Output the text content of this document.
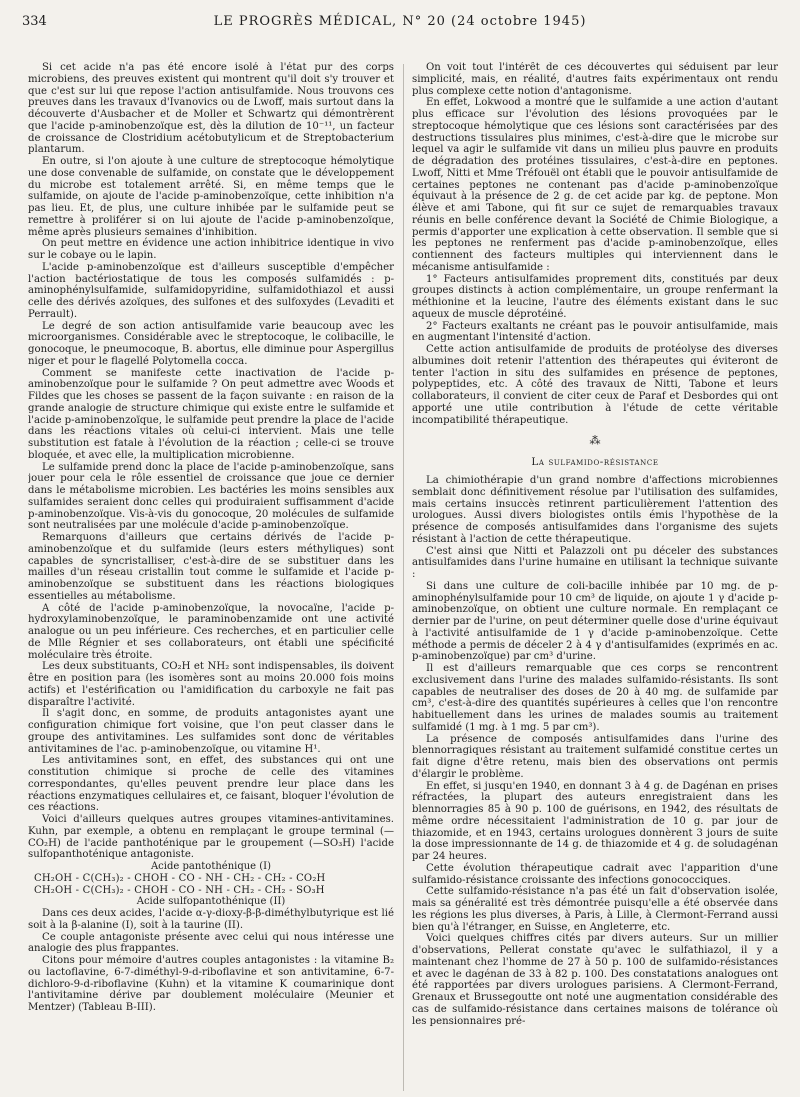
334	LE PROGRÈS MÉDICAL, N° 20 (24 octobre 1945)

Si cet acide n'a pas été encore isolé à l'état pur des corps microbiens, des preuves existent qui montrent qu'il doit s'y trouver et que c'est sur lui que repose l'action antisulfamide. Nous trouvons ces preuves dans les travaux d'Ivanovics ou de Lwoff, mais surtout dans la découverte d'Ausbacher et de Moller et Schwartz qui démontrèrent que l'acide p-aminobenzoïque est, dès la dilution de 10⁻¹¹, un facteur de croissance de Clostridium acétobutylicum et de Streptobacterium plantarum.

En outre, si l'on ajoute à une culture de streptocoque hémolytique une dose convenable de sulfamide, on constate que le développement du microbe est totalement arrêté. Si, en même temps que le sulfamide, on ajoute de l'acide p-aminobenzoïque, cette inhibition n'a pas lieu. Et, de plus, une culture inhibée par le sulfamide peut se remettre à proliférer si on lui ajoute de l'acide p-aminobenzoïque, même après plusieurs semaines d'inhibition.

On peut mettre en évidence une action inhibitrice identique in vivo sur le cobaye ou le lapin.

L'acide p-aminobenzoïque est d'ailleurs susceptible d'empêcher l'action bactériostatique de tous les composés sulfamidés : p-aminophénylsulfamide, sulfamidopyridine, sulfamidothiazol et aussi celle des dérivés azoïques, des sulfones et des sulfoxydes (Levaditi et Perrault).

Le degré de son action antisulfamide varie beaucoup avec les microorganismes. Considérable avec le streptocoque, le colibacille, le gonocoque, le pneumocoque, B. abortus, elle diminue pour Aspergillus niger et pour le flagellé Polytomella cocca.

Comment se manifeste cette inactivation de l'acide p-aminobenzoïque pour le sulfamide ? On peut admettre avec Woods et Fildes que les choses se passent de la façon suivante : en raison de la grande analogie de structure chimique qui existe entre le sulfamide et l'acide p-aminobenzoïque, le sulfamide peut prendre la place de l'acide dans les réactions vitales où celui-ci intervient. Mais une telle substitution est fatale à l'évolution de la réaction ; celle-ci se trouve bloquée, et avec elle, la multiplication microbienne.

Le sulfamide prend donc la place de l'acide p-aminobenzoïque, sans jouer pour cela le rôle essentiel de croissance que joue ce dernier dans le métabolisme microbien. Les bactéries les moins sensibles aux sulfamides seraient donc celles qui produiraient suffisamment d'acide p-aminobenzoïque. Vis-à-vis du gonocoque, 20 molécules de sulfamide sont neutralisées par une molécule d'acide p-aminobenzoïque.

Remarquons d'ailleurs que certains dérivés de l'acide p-aminobenzoïque et du sulfamide (leurs esters méthyliques) sont capables de syncristalliser, c'est-à-dire de se substituer dans les mailles d'un réseau cristallin tout comme le sulfamide et l'acide p-aminobenzoïque se substituent dans les réactions biologiques essentielles au métabolisme.

A côté de l'acide p-aminobenzoïque, la novocaïne, l'acide p-hydroxylaminobenzoïque, le paraminobenzamide ont une activité analogue ou un peu inférieure. Ces recherches, et en particulier celle de Mlle Régnier et ses collaborateurs, ont établi une spécificité moléculaire très étroite.

Les deux substituants, CO₂H et NH₂ sont indispensables, ils doivent être en position para (les isomères sont au moins 20.000 fois moins actifs) et l'estérification ou l'amidification du carboxyle ne fait pas disparaître l'activité.

Il s'agit donc, en somme, de produits antagonistes ayant une configuration chimique fort voisine, que l'on peut classer dans le groupe des antivitamines. Les sulfamides sont donc de véritables antivitamines de l'ac. p-aminobenzoïque, ou vitamine H¹.

Les antivitamines sont, en effet, des substances qui ont une constitution chimique si proche de celle des vitamines correspondantes, qu'elles peuvent prendre leur place dans les réactions enzymatiques cellulaires et, ce faisant, bloquer l'évolution de ces réactions.

Voici d'ailleurs quelques autres groupes vitamines-antivitamines. Kuhn, par exemple, a obtenu en remplaçant le groupe terminal (—CO₂H) de l'acide panthoténique par le groupement (—SO₃H) l'acide sulfopanthoténique antagoniste.

Acide pantothénique (I)
CH₂OH - C(CH₃)₂ - CHOH - CO - NH - CH₂ - CH₂ - CO₂H
CH₂OH - C(CH₃)₂ - CHOH - CO - NH - CH₂ - CH₂ - SO₃H
Acide sulfopantothénique (II)

Dans ces deux acides, l'acide α-γ-dioxy-β-β-diméthylbutyrique est lié soit à la β-alanine (I), soit à la taurine (II).

Ce couple antagoniste présente avec celui qui nous intéresse une analogie des plus frappantes.

Citons pour mémoire d'autres couples antagonistes : la vitamine B₂ ou lactoflavine, 6-7-diméthyl-9-d-riboflavine et son antivitamine, 6-7-dichloro-9-d-riboflavine (Kuhn) et la vitamine K coumarinique dont l'antivitamine dérive par doublement moléculaire (Meunier et Mentzer) (Tableau B-III).

On voit tout l'intérêt de ces découvertes qui séduisent par leur simplicité, mais, en réalité, d'autres faits expérimentaux ont rendu plus complexe cette notion d'antagonisme.

En effet, Lokwood a montré que le sulfamide a une action d'autant plus efficace sur l'évolution des lésions provoquées par le streptocoque hémolytique que ces lésions sont caractérisées par des destructions tissulaires plus minimes, c'est-à-dire que le microbe sur lequel va agir le sulfamide vit dans un milieu plus pauvre en produits de dégradation des protéines tissulaires, c'est-à-dire en peptones. Lwoff, Nitti et Mme Tréfouël ont établi que le pouvoir antisulfamide de certaines peptones ne contenant pas d'acide p-aminobenzoïque équivaut à la présence de 2 g. de cet acide par kg. de peptone. Mon élève et ami Tabone, qui fit sur ce sujet de remarquables travaux réunis en belle conférence devant la Société de Chimie Biologique, a permis d'apporter une explication à cette observation. Il semble que si les peptones ne renferment pas d'acide p-aminobenzoïque, elles contiennent des facteurs multiples qui interviennent dans le mécanisme antisulfamide :

1° Facteurs antisulfamides proprement dits, constitués par deux groupes distincts à action complémentaire, un groupe renfermant la méthionine et la leucine, l'autre des éléments existant dans le suc aqueux de muscle déprotéiné.

2° Facteurs exaltants ne créant pas le pouvoir antisulfamide, mais en augmentant l'intensité d'action.

Cette action antisulfamide de produits de protéolyse des diverses albumines doit retenir l'attention des thérapeutes qui éviteront de tenter l'action in situ des sulfamides en présence de peptones, polypeptides, etc. A côté des travaux de Nitti, Tabone et leurs collaborateurs, il convient de citer ceux de Paraf et Desbordes qui ont apporté une utile contribution à l'étude de cette véritable incompatibilité thérapeutique.

⁂
La sulfamido-résistance

La chimiothérapie d'un grand nombre d'affections microbiennes semblait donc définitivement résolue par l'utilisation des sulfamides, mais certains insuccès retinrent particulièrement l'attention des urologues. Aussi divers biologistes ontils émis l'hypothèse de la présence de composés antisulfamides dans l'organisme des sujets résistant à l'action de cette thérapeutique.

C'est ainsi que Nitti et Palazzoli ont pu déceler des substances antisulfamides dans l'urine humaine en utilisant la technique suivante :

Si dans une culture de coli-bacille inhibée par 10 mg. de p-aminophénylsulfamide pour 10 cm³ de liquide, on ajoute 1 γ d'acide p-aminobenzoïque, on obtient une culture normale. En remplaçant ce dernier par de l'urine, on peut déterminer quelle dose d'urine équivaut à l'activité antisulfamide de 1 γ d'acide p-aminobenzoïque. Cette méthode a permis de déceler 2 à 4 γ d'antisulfamides (exprimés en ac. p-aminobenzoïque) par cm³ d'urine.

Il est d'ailleurs remarquable que ces corps se rencontrent exclusivement dans l'urine des malades sulfamido-résistants. Ils sont capables de neutraliser des doses de 20 à 40 mg. de sulfamide par cm³, c'est-à-dire des quantités supérieures à celles que l'on rencontre habituellement dans les urines de malades soumis au traitement sulfamidé (1 mg. à 1 mg. 5 par cm³).

La présence de composés antisulfamides dans l'urine des blennorragiques résistant au traitement sulfamidé constitue certes un fait digne d'être retenu, mais bien des observations ont permis d'élargir le problème.

En effet, si jusqu'en 1940, en donnant 3 à 4 g. de Dagénan en prises réfractées, la plupart des auteurs enregistraient dans les blennorragies 85 à 90 p. 100 de guérisons, en 1942, des résultats de même ordre nécessitaient l'administration de 10 g. par jour de thiazomide, et en 1943, certains urologues donnèrent 3 jours de suite la dose impressionnante de 14 g. de thiazomide et 4 g. de soludagénan par 24 heures.

Cette évolution thérapeutique cadrait avec l'apparition d'une sulfamido-résistance croissante des infections gonococciques.

Cette sulfamido-résistance n'a pas été un fait d'observation isolée, mais sa généralité est très démontrée puisqu'elle a été observée dans les régions les plus diverses, à Paris, à Lille, à Clermont-Ferrand aussi bien qu'à l'étranger, en Suisse, en Angleterre, etc.

Voici quelques chiffres cités par divers auteurs. Sur un millier d'observations, Pellerat constate qu'avec le sulfathiazol, il y a maintenant chez l'homme de 27 à 50 p. 100 de sulfamido-résistances et avec le dagénan de 33 à 82 p. 100. Des constatations analogues ont été rapportées par divers urologues parisiens. A Clermont-Ferrand, Grenaux et Brussegoutte ont noté une augmentation considérable des cas de sulfamido-résistance dans certaines maisons de tolérance où les pensionnaires pré-
